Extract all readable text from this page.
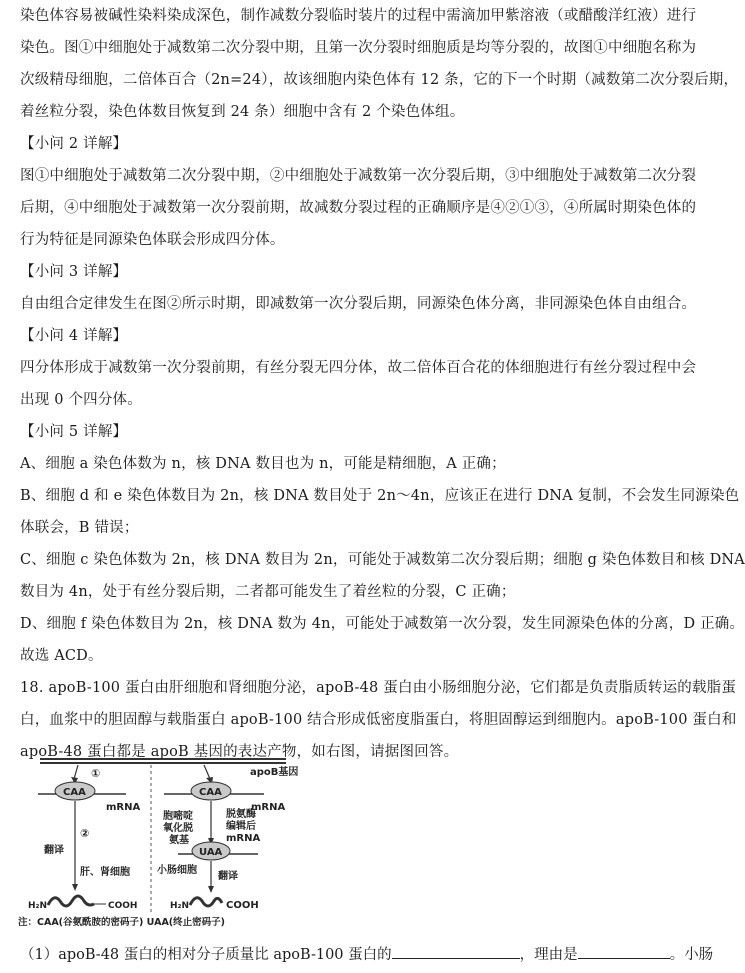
染色体容易被碱性染料染成深色，制作减数分裂临时装片的过程中需滴加甲紫溶液（或醋酸洋红液）进行
染色。图①中细胞处于减数第二次分裂中期，且第一次分裂时细胞质是均等分裂的，故图①中细胞名称为
次级精母细胞，二倍体百合（2n=24），故该细胞内染色体有 12 条，它的下一个时期（减数第二次分裂后期，
着丝粒分裂，染色体数目恢复到 24 条）细胞中含有 2 个染色体组。
【小问 2 详解】
图①中细胞处于减数第二次分裂中期，②中细胞处于减数第一次分裂后期，③中细胞处于减数第二次分裂
后期，④中细胞处于减数第一次分裂前期，故减数分裂过程的正确顺序是④②①③，④所属时期染色体的
行为特征是同源染色体联会形成四分体。
【小问 3 详解】
自由组合定律发生在图②所示时期，即减数第一次分裂后期，同源染色体分离，非同源染色体自由组合。
【小问 4 详解】
四分体形成于减数第一次分裂前期，有丝分裂无四分体，故二倍体百合花的体细胞进行有丝分裂过程中会
出现 0 个四分体。
【小问 5 详解】
A、细胞 a 染色体数为 n，核 DNA 数目也为 n，可能是精细胞，A 正确；
B、细胞 d 和 e 染色体数目为 2n，核 DNA 数目处于 2n～4n，应该正在进行 DNA 复制，不会发生同源染色
体联会，B 错误；
C、细胞 c 染色体数为 2n，核 DNA 数目为 2n，可能处于减数第二次分裂后期；细胞 g 染色体数目和核 DNA
数目为 4n，处于有丝分裂后期，二者都可能发生了着丝粒的分裂，C 正确；
D、细胞 f 染色体数目为 2n，核 DNA 数为 4n，可能处于减数第一次分裂，发生同源染色体的分离，D 正确。
故选 ACD。
18. apoB-100 蛋白由肝细胞和肾细胞分泌，apoB-48 蛋白由小肠细胞分泌，它们都是负责脂质转运的载脂蛋
白，血浆中的胆固醇与载脂蛋白 apoB-100 结合形成低密度脂蛋白，将胆固醇运到细胞内。apoB-100 蛋白和
apoB-48 蛋白都是 apoB 基因的表达产物，如右图，请据图回答。
apoB基因
①
CAA
mRNA
CAA
mRNA
②
翻译
肝、肾细胞
胞嘧啶
氧化脱
氨基
脱氨酶
编辑后
mRNA
UAA
小肠细胞
翻译
H₂N	COOH	H₂N	COOH
注：CAA(谷氨酰胺的密码子) UAA(终止密码子)
（1）apoB-48 蛋白的相对分子质量比 apoB-100 蛋白的	，理由是	。小肠
